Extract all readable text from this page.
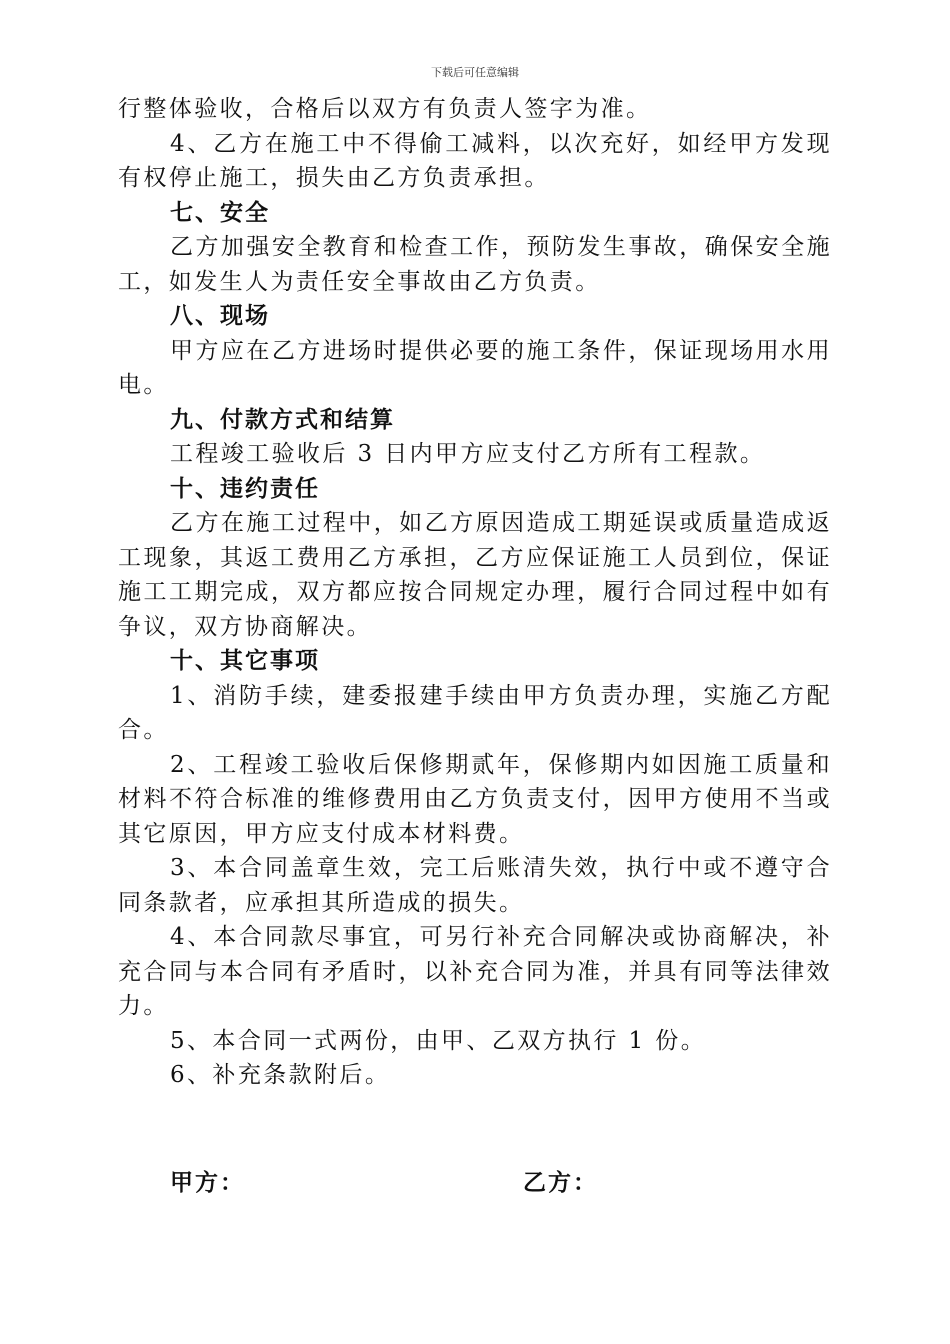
下载后可任意编辑

行整体验收，合格后以双方有负责人签字为准。

4、乙方在施工中不得偷工减料，以次充好，如经甲方发现有权停止施工，损失由乙方负责承担。

七、安全

乙方加强安全教育和检查工作，预防发生事故，确保安全施工，如发生人为责任安全事故由乙方负责。

八、现场

甲方应在乙方进场时提供必要的施工条件，保证现场用水用电。

九、付款方式和结算

工程竣工验收后 3 日内甲方应支付乙方所有工程款。

十、违约责任

乙方在施工过程中，如乙方原因造成工期延误或质量造成返工现象，其返工费用乙方承担，乙方应保证施工人员到位，保证施工工期完成，双方都应按合同规定办理，履行合同过程中如有争议，双方协商解决。

十、其它事项

1、消防手续，建委报建手续由甲方负责办理，实施乙方配合。

2、工程竣工验收后保修期贰年，保修期内如因施工质量和材料不符合标准的维修费用由乙方负责支付，因甲方使用不当或其它原因，甲方应支付成本材料费。

3、本合同盖章生效，完工后账清失效，执行中或不遵守合同条款者，应承担其所造成的损失。

4、本合同款尽事宜，可另行补充合同解决或协商解决，补充合同与本合同有矛盾时，以补充合同为准，并具有同等法律效力。

5、本合同一式两份，由甲、乙双方执行 1 份。

6、补充条款附后。

甲方：	乙方：
